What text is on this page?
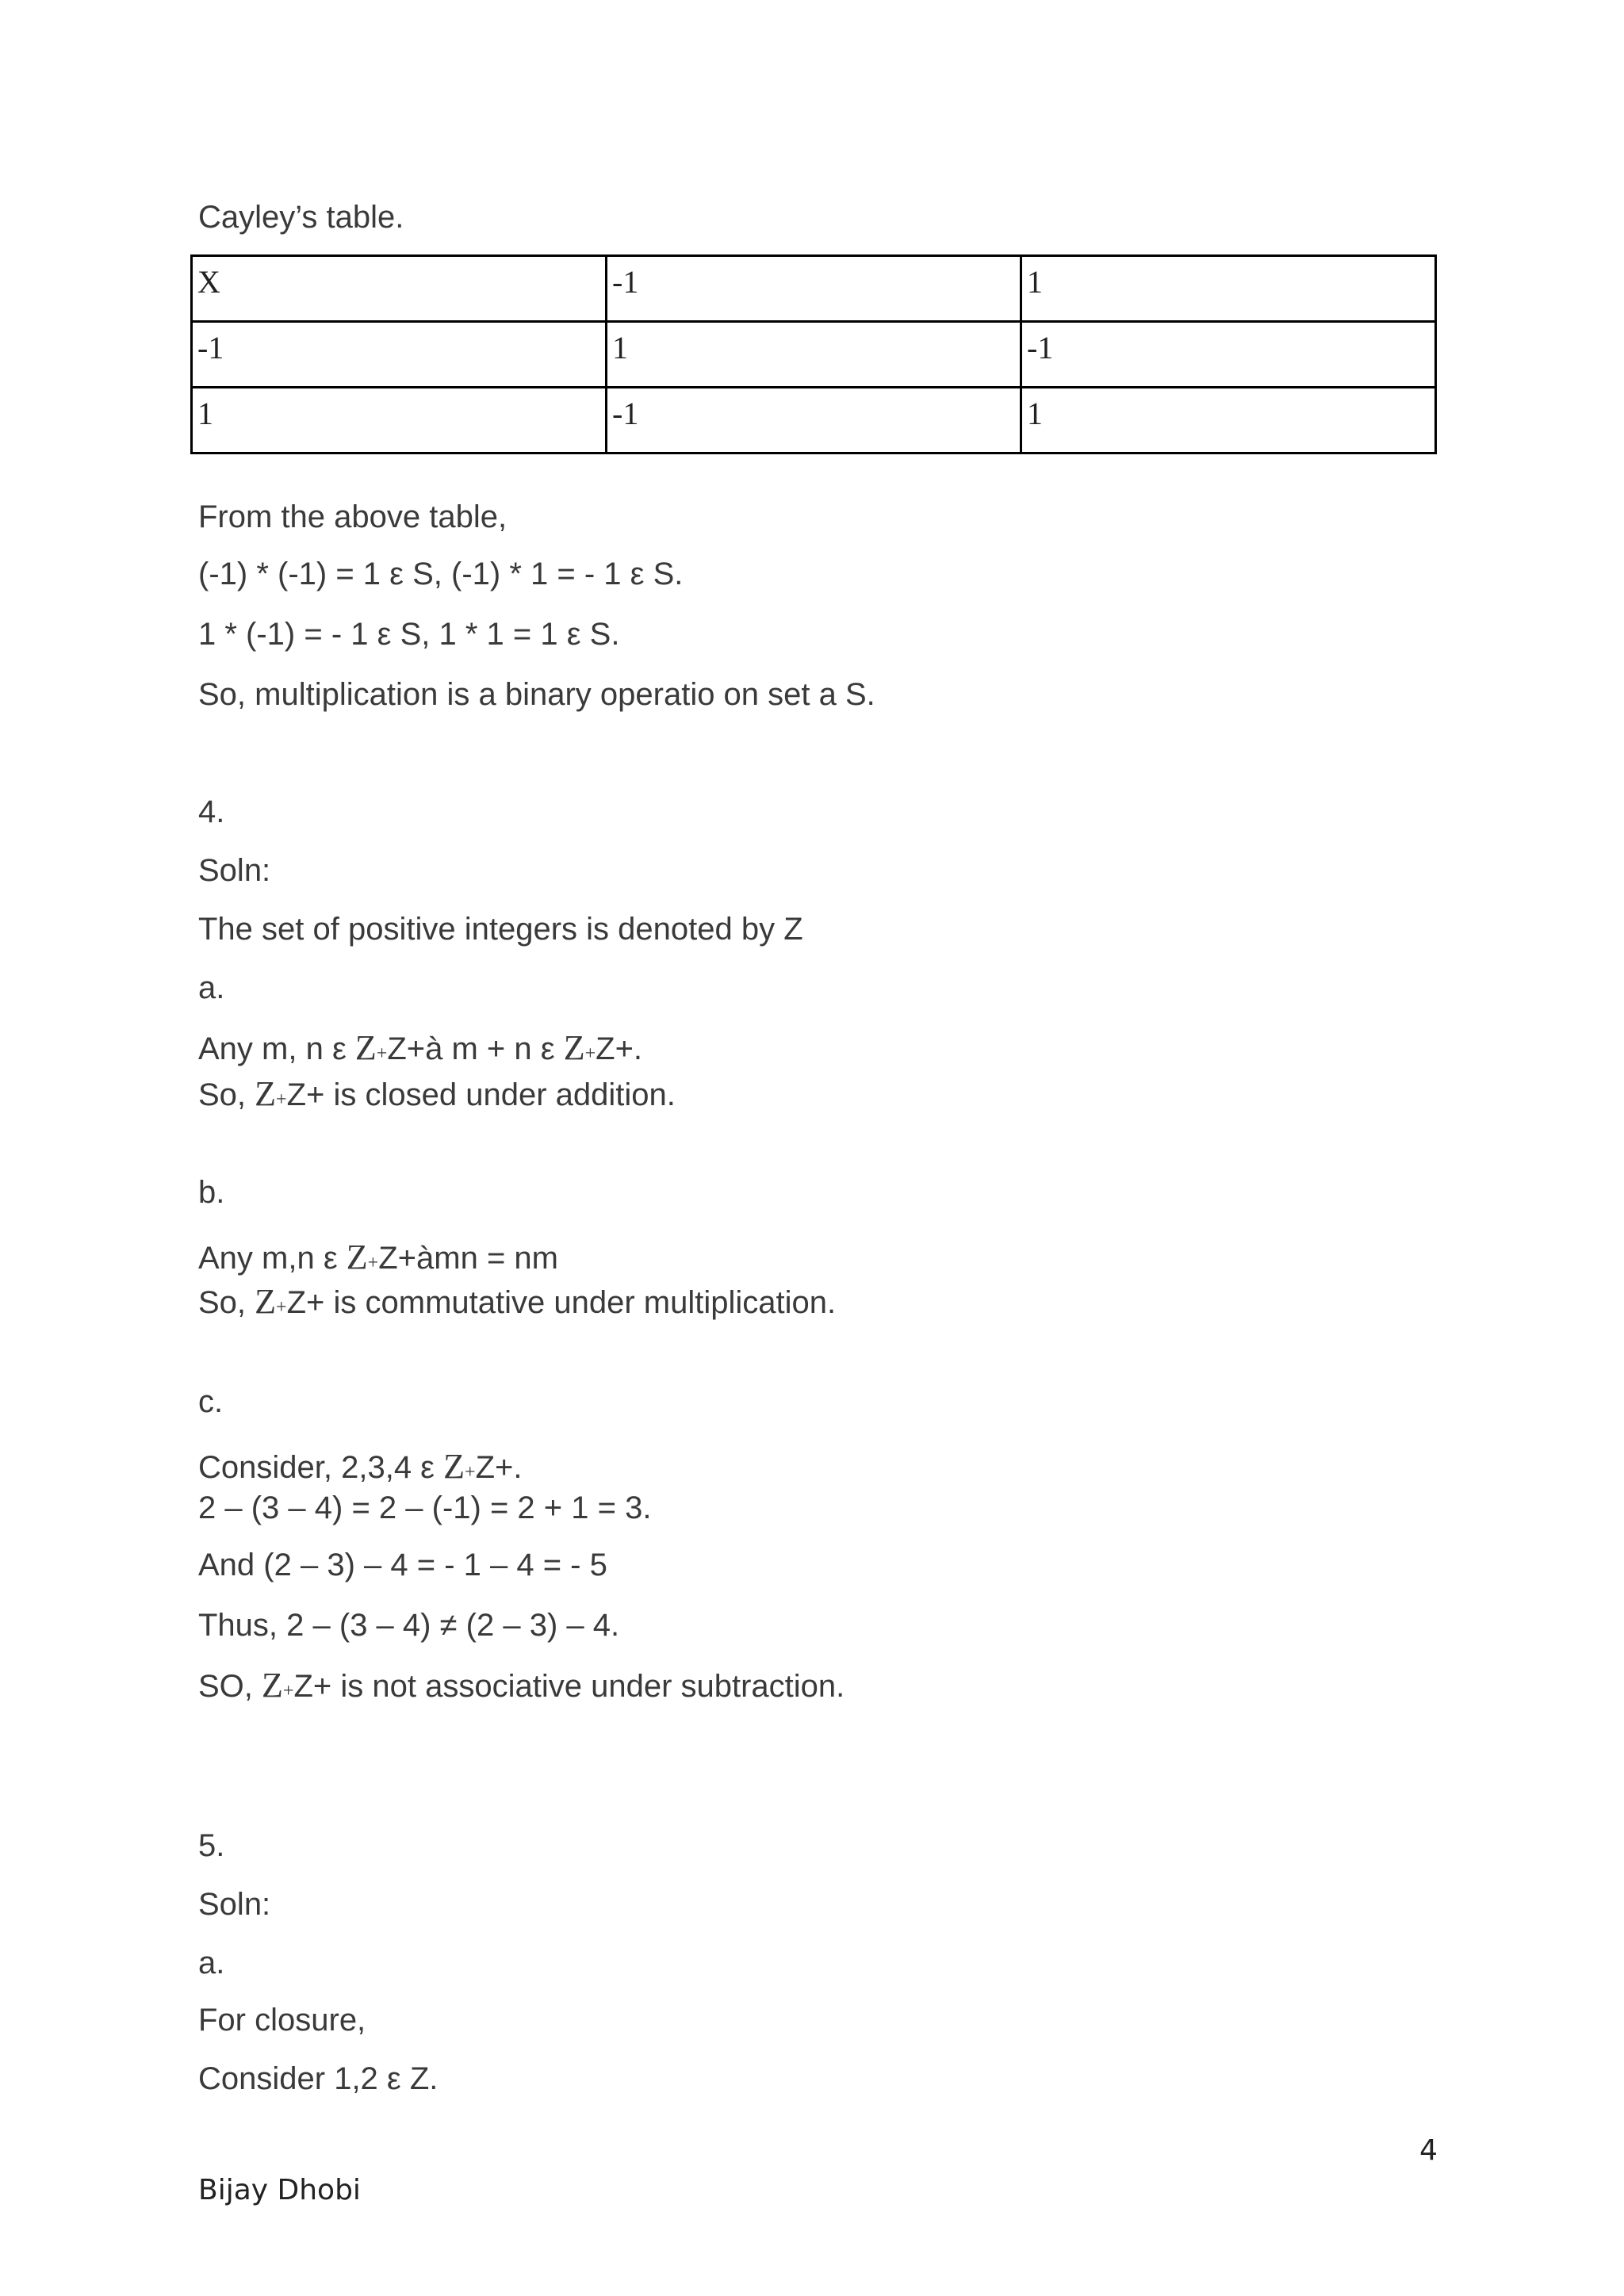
Cayley’s table.
X	-1	1
-1	1	-1
1	-1	1
From the above table,
(-1) * (-1) = 1 ε S, (-1) * 1 = - 1 ε S.
1 * (-1) = - 1 ε S, 1 * 1 = 1 ε S.
So, multiplication is a binary operatio on set a S.
4.
Soln:
The set of positive integers is denoted by Z
a.
Any m, n ε Z+Z+à m + n ε Z+Z+.
So, Z+Z+ is closed under addition.
b.
Any m,n ε Z+Z+àmn = nm
So, Z+Z+ is commutative under multiplication.
c.
Consider, 2,3,4 ε Z+Z+.
2 – (3 – 4) = 2 – (-1) = 2 + 1 = 3.
And (2 – 3) – 4 = - 1 – 4 = - 5
Thus, 2 – (3 – 4) ≠ (2 – 3) – 4.
SO, Z+Z+ is not associative under subtraction.
5.
Soln:
a.
For closure,
Consider 1,2 ε Z.
4
Bijay Dhobi
